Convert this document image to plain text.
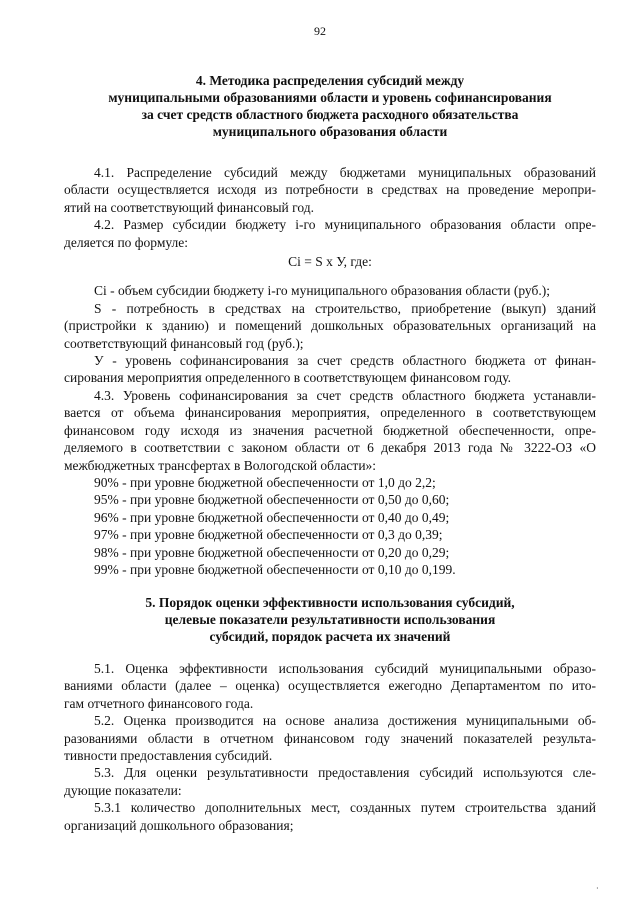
92
4. Методика распределения субсидий между
муниципальными образованиями области и уровень софинансирования
за счет средств областного бюджета расходного обязательства
муниципального образования области

4.1. Распределение субсидий между бюджетами муниципальных образований
области осуществляется исходя из потребности в средствах на проведение меропри-
ятий на соответствующий финансовый год.

4.2. Размер субсидии бюджету i-го муниципального образования области опре-
деляется по формуле:

Ci = S х У, где:

Ci - объем субсидии бюджету i-го муниципального образования области (руб.);

S - потребность в средствах на строительство, приобретение (выкуп) зданий
(пристройки к зданию) и помещений дошкольных образовательных организаций на
соответствующий финансовый год (руб.);

У - уровень софинансирования за счет средств областного бюджета от финан-
сирования мероприятия определенного в соответствующем финансовом году.

4.3. Уровень софинансирования за счет средств областного бюджета устанавли-
вается от объема финансирования мероприятия, определенного в соответствующем
финансовом году исходя из значения расчетной бюджетной обеспеченности, опре-
деляемого в соответствии с законом области от 6 декабря 2013 года № 3222-ОЗ «О
межбюджетных трансфертах в Вологодской области»:

90% - при уровне бюджетной обеспеченности от 1,0 до 2,2;

95% - при уровне бюджетной обеспеченности от 0,50 до 0,60;

96% - при уровне бюджетной обеспеченности от 0,40 до 0,49;

97% - при уровне бюджетной обеспеченности от 0,3 до 0,39;

98% - при уровне бюджетной обеспеченности от 0,20 до 0,29;

99% - при уровне бюджетной обеспеченности от 0,10 до 0,199.

5. Порядок оценки эффективности использования субсидий,
целевые показатели результативности использования
субсидий, порядок расчета их значений

5.1. Оценка эффективности использования субсидий муниципальными образо-
ваниями области (далее – оценка) осуществляется ежегодно Департаментом по ито-
гам отчетного финансового года.

5.2. Оценка производится на основе анализа достижения муниципальными об-
разованиями области в отчетном финансовом году значений показателей результа-
тивности предоставления субсидий.

5.3. Для оценки результативности предоставления субсидий используются сле-
дующие показатели:

5.3.1 количество дополнительных мест, созданных путем строительства зданий
организаций дошкольного образования;

·
